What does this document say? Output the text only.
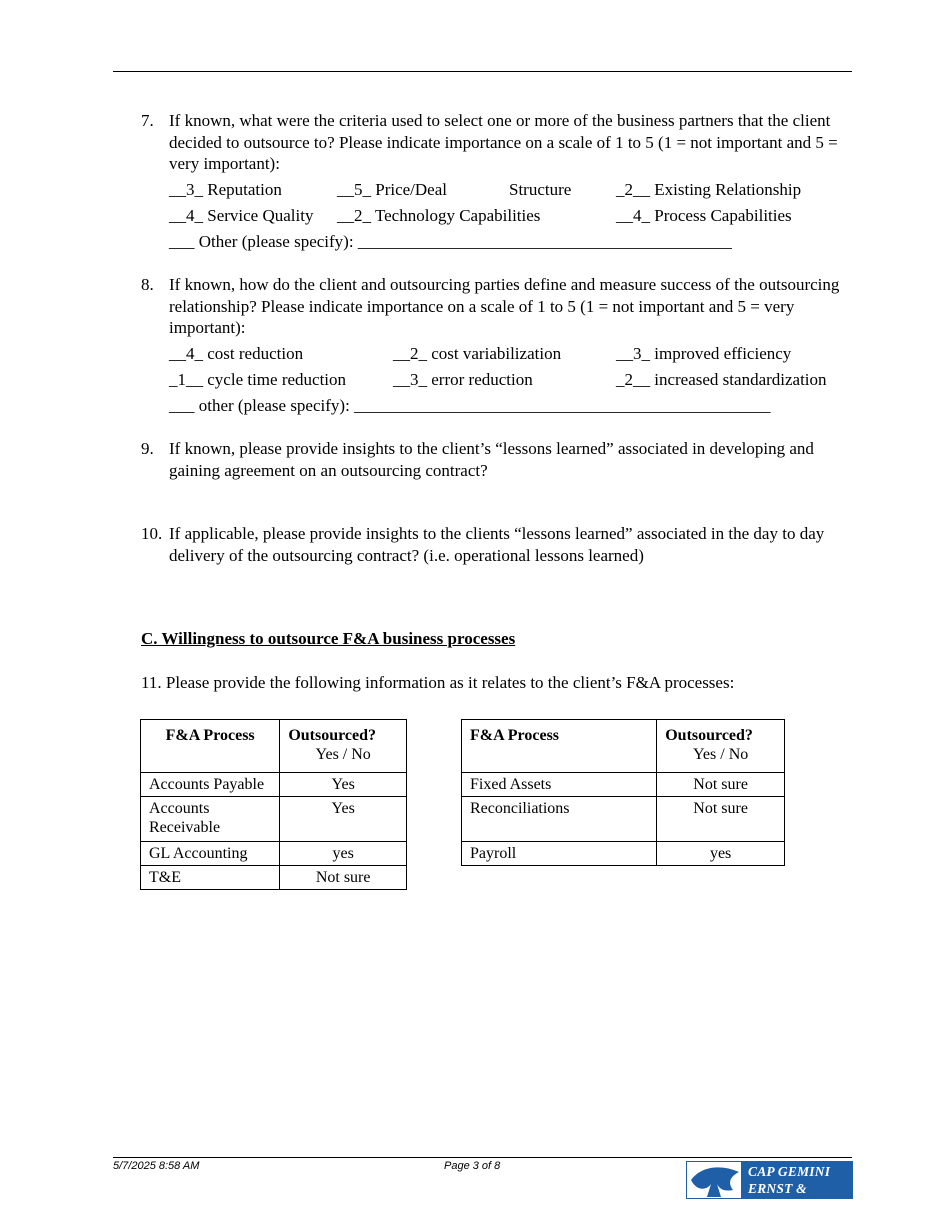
7. If known, what were the criteria used to select one or more of the business partners that the client decided to outsource to? Please indicate importance on a scale of 1 to 5 (1 = not important and 5 = very important):
__3_ Reputation	__5_ Price/Deal	Structure	_2__ Existing Relationship
__4_ Service Quality __2_ Technology Capabilities	__4_ Process Capabilities
___ Other (please specify): ____________________________________________
8. If known, how do the client and outsourcing parties define and measure success of the outsourcing relationship? Please indicate importance on a scale of 1 to 5 (1 = not important and 5 = very important):
__4_ cost reduction	__2_ cost variabilization	__3_ improved efficiency
_1__ cycle time reduction	__3_ error reduction	_2__ increased standardization
___ other (please specify): _________________________________________________
9. If known, please provide insights to the client’s “lessons learned” associated in developing and gaining agreement on an outsourcing contract?
10. If applicable, please provide insights to the clients “lessons learned” associated in the day to day delivery of the outsourcing contract? (i.e. operational lessons learned)
C. Willingness to outsource F&A business processes
11. Please provide the following information as it relates to the client’s F&A processes:
F&A Process	Outsourced?
Yes / No

Accounts Payable	Yes
Accounts Receivable	Yes
GL Accounting	yes
T&E	Not sure
F&A Process	Outsourced?
Yes / No

Fixed Assets	Not sure
Reconciliations	Not sure
Payroll	yes
5/7/2025 8:58 AM	Page 3 of 8	CAP GEMINI
ERNST & YOUNG
